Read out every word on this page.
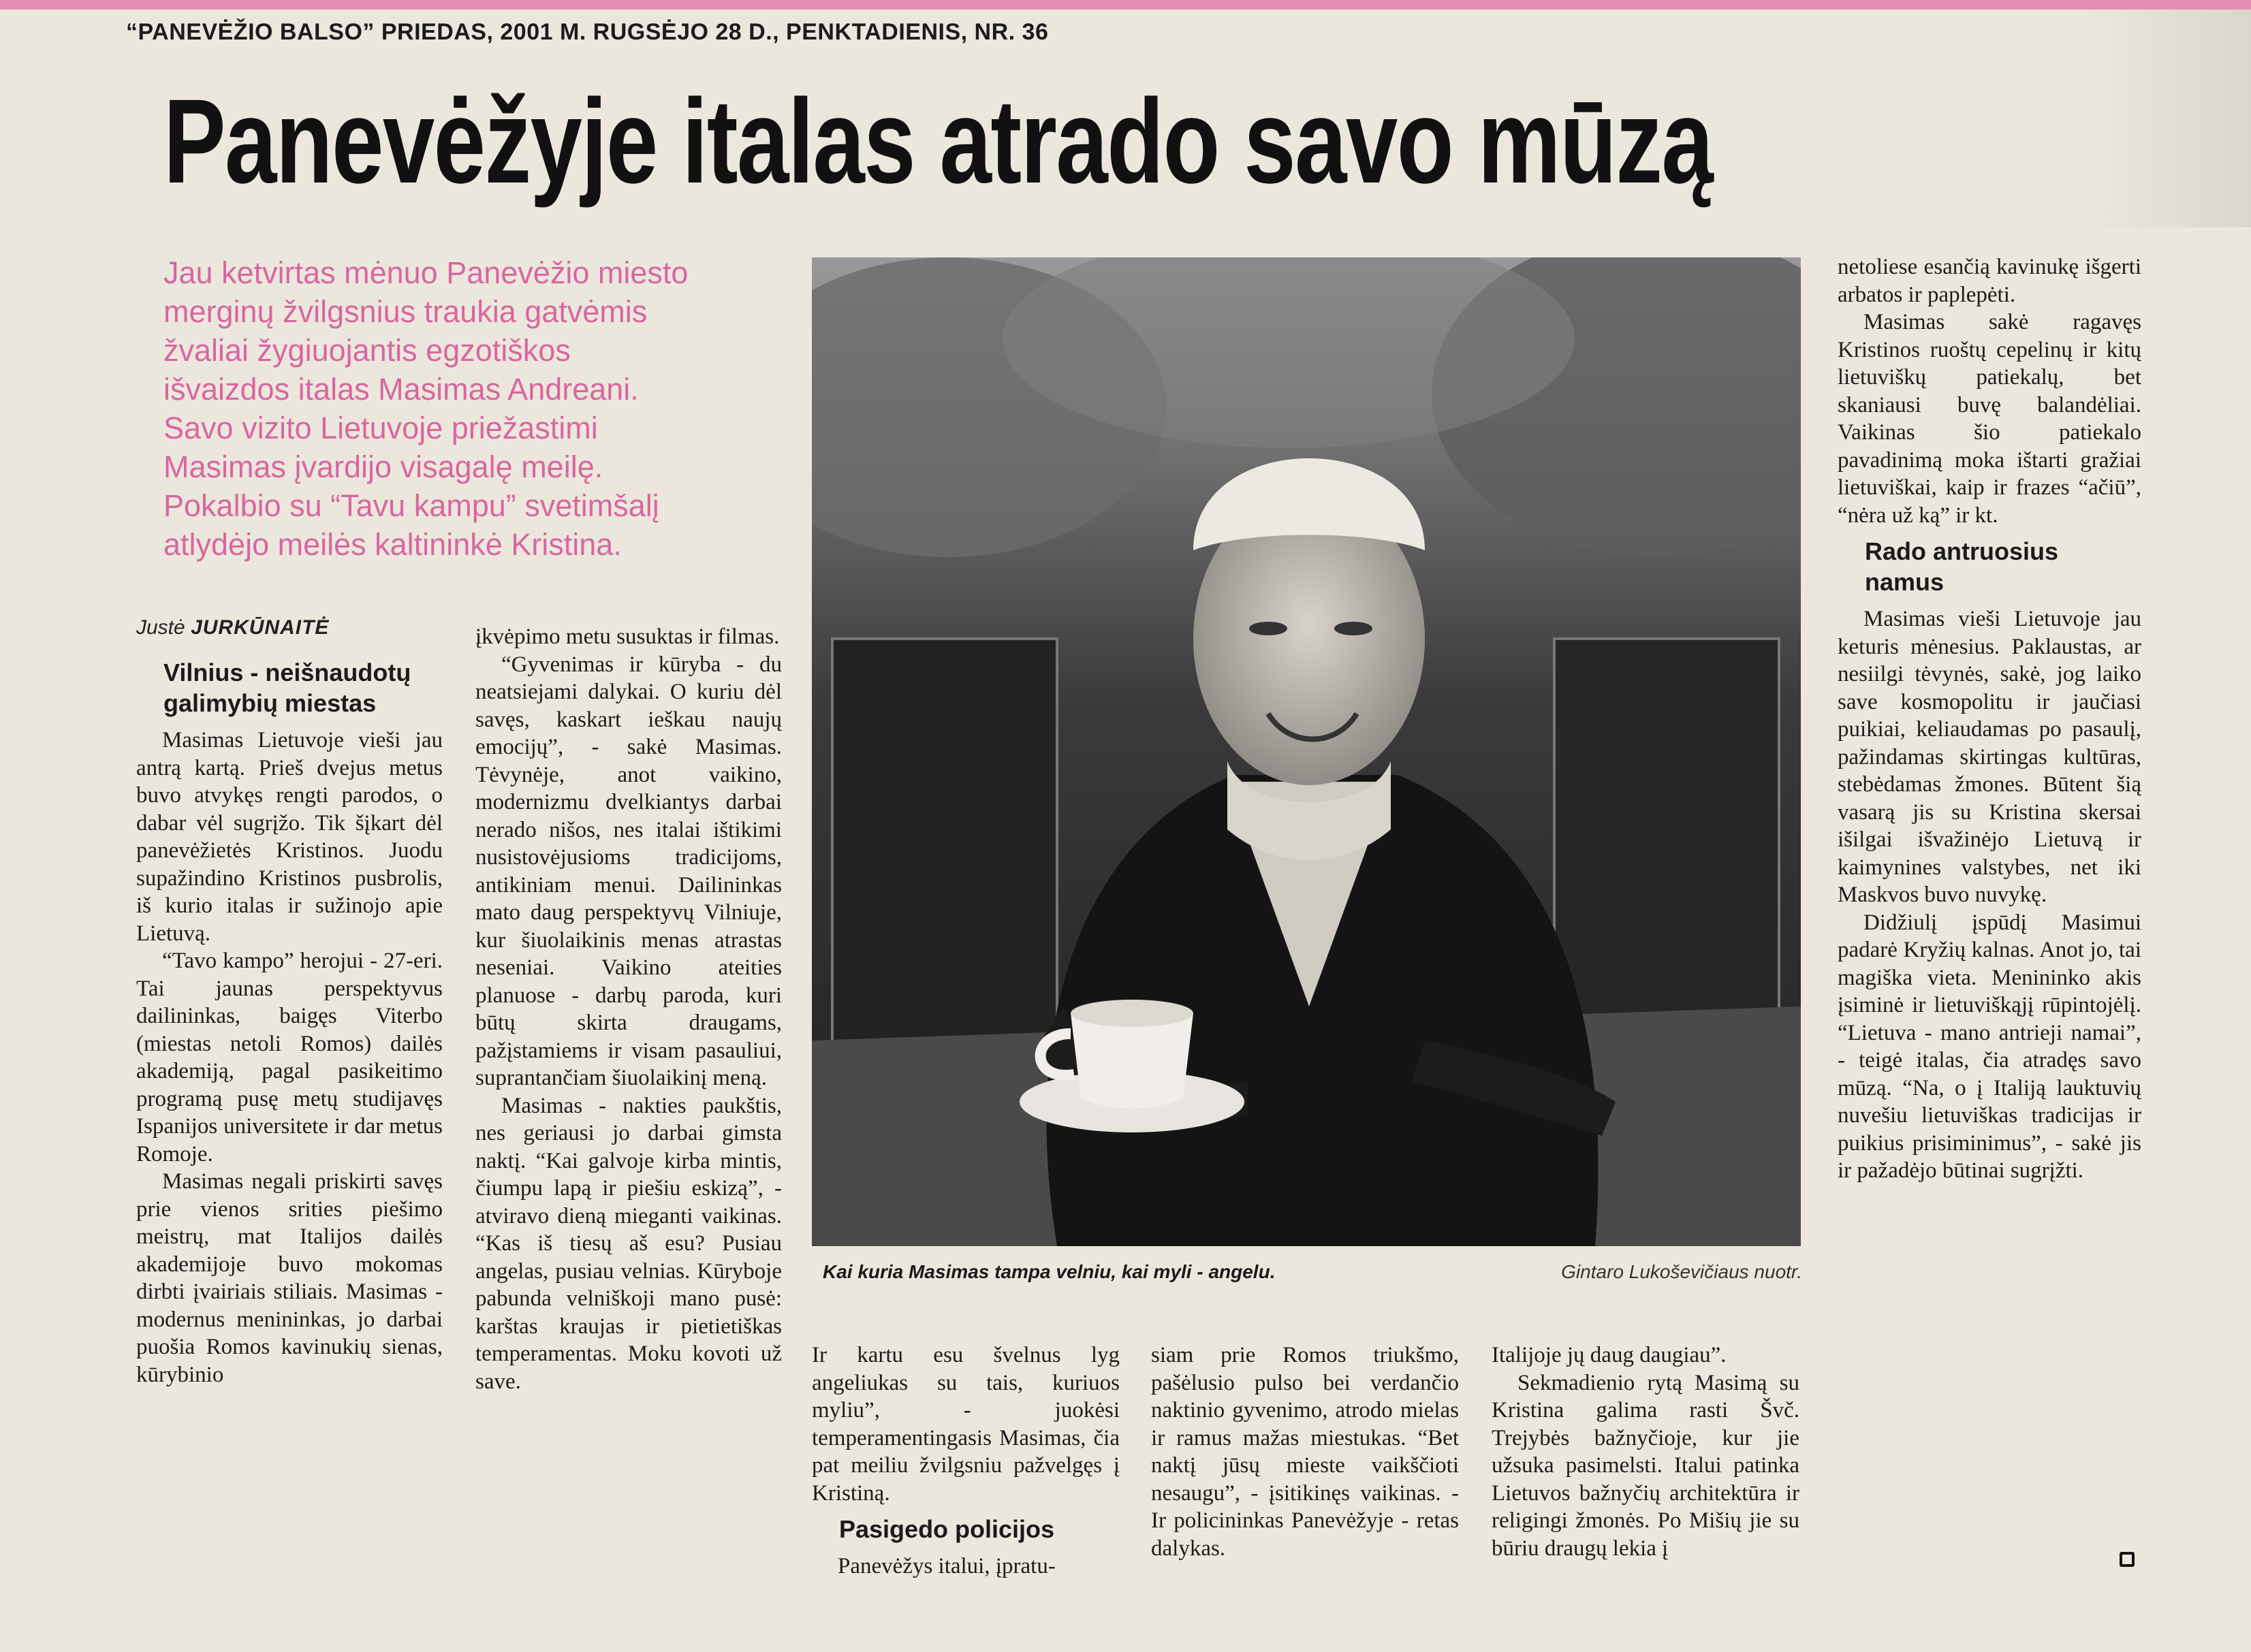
“PANEVĖŽIO BALSO” PRIEDAS, 2001 M. RUGSĖJO 28 D., PENKTADIENIS, NR. 36
Panevėžyje italas atrado savo mūzą

Jau ketvirtas mėnuo Panevėžio miesto

merginų žvilgsnius traukia gatvėmis

žvaliai žygiuojantis egzotiškos

išvaizdos italas Masimas Andreani.

Savo vizito Lietuvoje priežastimi

Masimas įvardijo visagalę meilę.

Pokalbio su “Tavu kampu” svetimšalį

atlydėjo meilės kaltininkė Kristina.

Justė JURKŪNAITĖ
Vilnius - neišnaudotų galimybių miestas

Masimas Lietuvoje vieši jau antrą kartą. Prieš dvejus metus buvo atvykęs rengti parodos, o dabar vėl sugrįžo. Tik šįkart dėl panevėžietės Kristinos. Juodu supažindino Kristinos pusbrolis, iš kurio italas ir sužinojo apie Lietuvą.

“Tavo kampo” herojui - 27-eri. Tai jaunas perspektyvus dailininkas, baigęs Viterbo (miestas netoli Romos) dailės akademiją, pagal pasikeitimo programą pusę metų studijavęs Ispanijos universitete ir dar metus Romoje.

Masimas negali priskirti savęs prie vienos srities piešimo meistrų, mat Italijos dailės akademijoje buvo mokomas dirbti įvairiais stiliais. Masimas - modernus menininkas, jo darbai puošia Romos kavinukių sienas, kūrybinio

įkvėpimo metu susuktas ir filmas.

“Gyvenimas ir kūryba - du neatsiejami dalykai. O kuriu dėl savęs, kaskart ieškau naujų emocijų”, - sakė Masimas. Tėvynėje, anot vaikino, modernizmu dvelkiantys darbai nerado nišos, nes italai ištikimi nusistovėjusioms tradicijoms, antikiniam menui. Dailininkas mato daug perspektyvų Vilniuje, kur šiuolaikinis menas atrastas neseniai. Vaikino ateities planuose - darbų paroda, kuri būtų skirta draugams, pažįstamiems ir visam pasauliui, suprantančiam šiuolaikinį meną.

Masimas - nakties paukštis, nes geriausi jo darbai gimsta naktį. “Kai galvoje kirba mintis, čiumpu lapą ir piešiu eskizą”, - atviravo dieną mieganti vaikinas. “Kas iš tiesų aš esu? Pusiau angelas, pusiau velnias. Kūryboje pabunda velniškoji mano pusė: karštas kraujas ir pietietiškas temperamentas. Moku kovoti už save.

Kai kuria Masimas tampa velniu, kai myli - angelu.	Gintaro Lukoševičiaus nuotr.

Ir kartu esu švelnus lyg angeliukas su tais, kuriuos myliu”, - juokėsi temperamentingasis Masimas, čia pat meiliu žvilgsniu pažvelgęs į Kristiną.

Pasigedo policijos

Panevėžys italui, įpratu-

siam prie Romos triukšmo, pašėlusio pulso bei verdančio naktinio gyvenimo, atrodo mielas ir ramus mažas miestukas. “Bet naktį jūsų mieste vaikščioti nesaugu”, - įsitikinęs vaikinas. - Ir policininkas Panevėžyje - retas dalykas.

Italijoje jų daug daugiau”.

Sekmadienio rytą Masimą su Kristina galima rasti Švč. Trejybės bažnyčioje, kur jie užsuka pasimelsti. Italui patinka Lietuvos bažnyčių architektūra ir religingi žmonės. Po Mišių jie su būriu draugų lekia į

netoliese esančią kavinukę išgerti arbatos ir paplepėti.

Masimas sakė ragavęs Kristinos ruoštų cepelinų ir kitų lietuviškų patiekalų, bet skaniausi buvę balandėliai. Vaikinas šio patiekalo pavadinimą moka ištarti gražiai lietuviškai, kaip ir frazes “ačiū”, “nėra už ką” ir kt.

Rado antruosius namus

Masimas vieši Lietuvoje jau keturis mėnesius. Paklaustas, ar nesiilgi tėvynės, sakė, jog laiko save kosmopolitu ir jaučiasi puikiai, keliaudamas po pasaulį, pažindamas skirtingas kultūras, stebėdamas žmones. Būtent šią vasarą jis su Kristina skersai išilgai išvažinėjo Lietuvą ir kaimynines valstybes, net iki Maskvos buvo nuvykę.

Didžiulį įspūdį Masimui padarė Kryžių kalnas. Anot jo, tai magiška vieta. Menininko akis įsiminė ir lietuviškąjį rūpintojėlį. “Lietuva - mano antrieji namai”, - teigė italas, čia atradęs savo mūzą. “Na, o į Italiją lauktuvių nuvešiu lietuviškas tradicijas ir puikius prisiminimus”, - sakė jis ir pažadėjo būtinai sugrįžti.
